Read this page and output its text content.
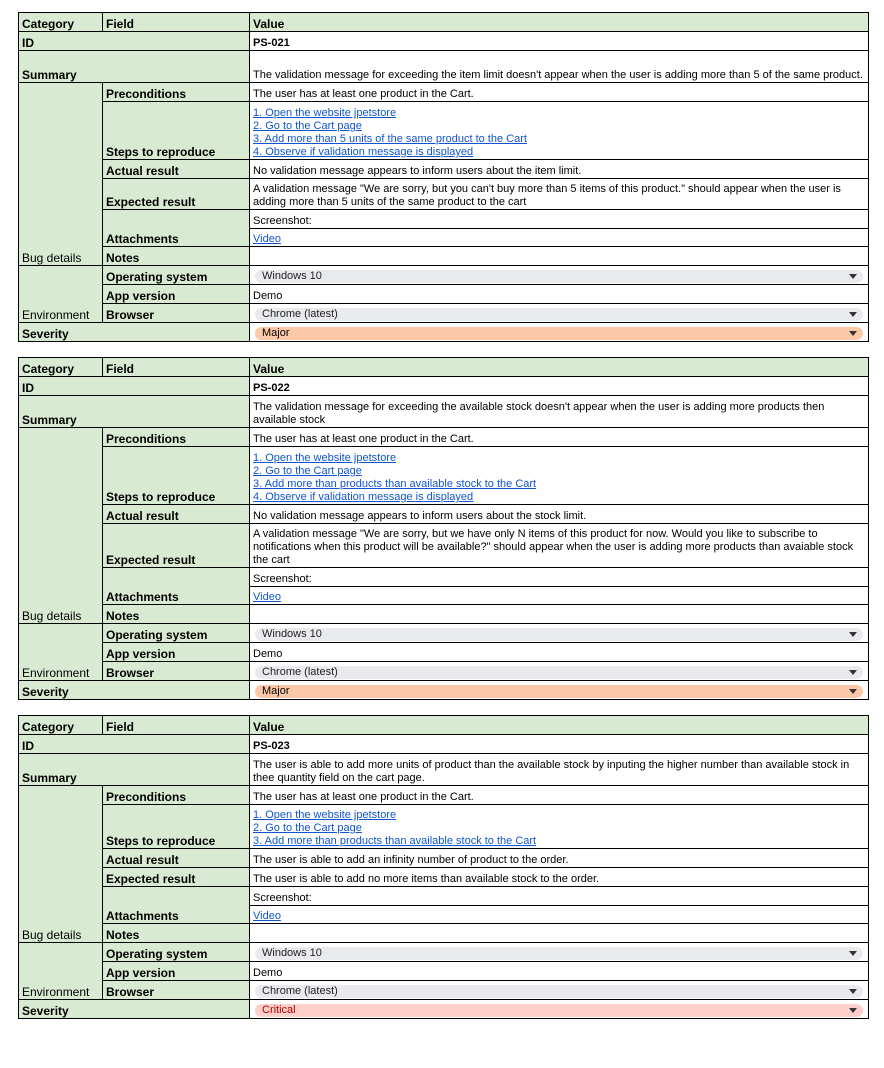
Category	Field	Value
ID		PS-021
Summary		The validation message for exceeding the item limit doesn't appear when the user is adding more than 5 of the same product.
Bug details	Preconditions	The user has at least one product in the Cart.
	Steps to reproduce	1. Open the website jpetstore
2. Go to the Cart page
3. Add more than 5 units of the same product to the Cart
4. Observe if validation message is displayed

	Actual result	No validation message appears to inform users about the item limit.
	Expected result	A validation message "We are sorry, but you can't buy more than 5 items of this product." should appear when the user is adding more than 5 units of the same product to the cart
	Attachments	Screenshot:

		Video

	Notes	
Environment	Operating system	Windows 10

	App version	Demo
	Browser	Chrome (latest)

Severity		Major
Category	Field	Value
ID		PS-022
Summary		The validation message for exceeding the available stock doesn't appear when the user is adding more products then available stock
Bug details	Preconditions	The user has at least one product in the Cart.
	Steps to reproduce	1. Open the website jpetstore
2. Go to the Cart page
3. Add more than products than available stock to the Cart
4. Observe if validation message is displayed

	Actual result	No validation message appears to inform users about the stock limit.
	Expected result	A validation message "We are sorry, but we have only N items of this product for now. Would you like to subscribe to notifications when this product will be available?" should appear when the user is adding more products than avaiable stock the cart
	Attachments	Screenshot:

		Video

	Notes	
Environment	Operating system	Windows 10

	App version	Demo
	Browser	Chrome (latest)

Severity		Major
Category	Field	Value
ID		PS-023
Summary		The user is able to add more units of product than the available stock by inputing the higher number than available stock in thee quantity field on the cart page.
Bug details	Preconditions	The user has at least one product in the Cart.
	Steps to reproduce	1. Open the website jpetstore
2. Go to the Cart page
3. Add more than products than available stock to the Cart

	Actual result	The user is able to add an infinity number of product to the order.
	Expected result	The user is able to add no more items than available stock to the order.
	Attachments	Screenshot:

		Video

	Notes	
Environment	Operating system	Windows 10

	App version	Demo
	Browser	Chrome (latest)

Severity		Critical
